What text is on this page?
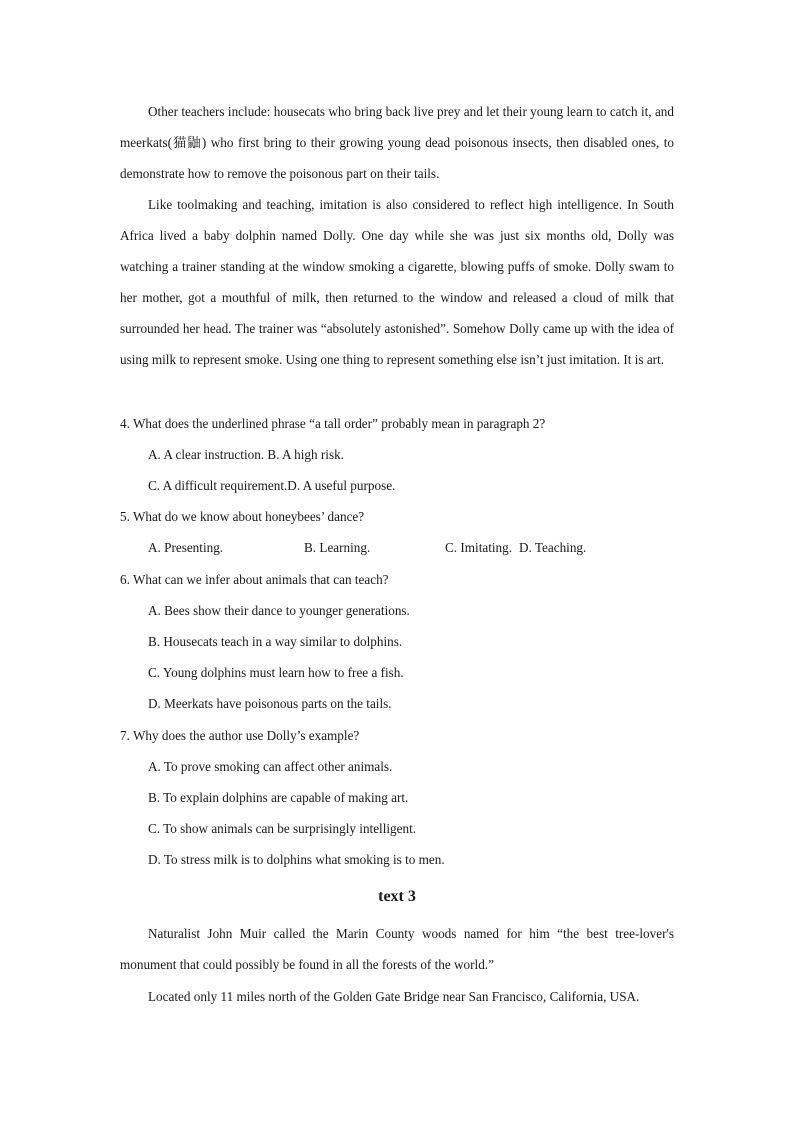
Other teachers include: housecats who bring back live prey and let their young learn to catch it, and meerkats(猫鼬) who first bring to their growing young dead poisonous insects, then disabled ones, to demonstrate how to remove the poisonous part on their tails.

Like toolmaking and teaching, imitation is also considered to reflect high intelligence. In South Africa lived a baby dolphin named Dolly. One day while she was just six months old, Dolly was watching a trainer standing at the window smoking a cigarette, blowing puffs of smoke. Dolly swam to her mother, got a mouthful of milk, then returned to the window and released a cloud of milk that surrounded her head. The trainer was “absolutely astonished”. Somehow Dolly came up with the idea of using milk to represent smoke. Using one thing to represent something else isn’t just imitation. It is art.

4. What does the underlined phrase “a tall order” probably mean in paragraph 2?
A. A clear instruction. B. A high risk.
C. A difficult requirement.D. A useful purpose.
5. What do we know about honeybees’ dance?
A. Presenting.	B. Learning.	C. Imitating. D. Teaching.
6. What can we infer about animals that can teach?
A. Bees show their dance to younger generations.
B. Housecats teach in a way similar to dolphins.
C. Young dolphins must learn how to free a fish.
D. Meerkats have poisonous parts on the tails.
7. Why does the author use Dolly’s example?
A. To prove smoking can affect other animals.
B. To explain dolphins are capable of making art.
C. To show animals can be surprisingly intelligent.
D. To stress milk is to dolphins what smoking is to men.
text 3

Naturalist John Muir called the Marin County woods named for him “the best tree-lover's monument that could possibly be found in all the forests of the world.”

Located only 11 miles north of the Golden Gate Bridge near San Francisco, California, USA.
